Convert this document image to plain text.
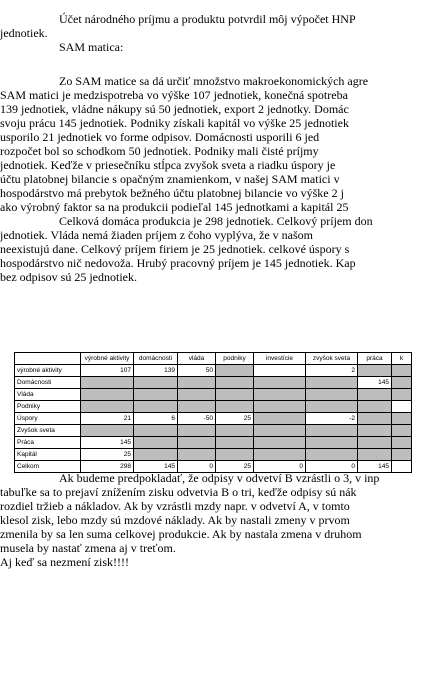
Účet národného príjmu a produktu potvrdil môj výpočet HNP
jednotiek.
SAM matica:
Zo SAM matice sa dá určiť množstvo makroekonomických agre
SAM matici je medzispotreba vo výške 107 jednotiek, konečná spotreba
139 jednotiek, vládne nákupy sú 50 jednotiek, export 2 jednotky. Domác
svoju prácu 145 jednotiek. Podniky získali kapitál vo výške 25 jednotiek
usporilo 21 jednotiek vo forme odpisov. Domácnosti usporili 6 jed
rozpočet bol so schodkom 50 jednotiek. Podniky mali čisté príjmy
jednotiek. Keďže v priesečníku stĺpca zvyšok sveta a riadku úspory je
účtu platobnej bilancie s opačným znamienkom, v našej SAM matici v
hospodárstvo má prebytok bežného účtu platobnej bilancie vo výške 2 j
ako výrobný faktor sa na produkcii podieľal 145 jednotkami a kapitál 25
Celková domáca produkcia je 298 jednotiek. Celkový príjem don
jednotiek. Vláda nemá žiaden príjem z čoho vyplýva, že v našom
neexistujú dane. Celkový príjem firiem je 25 jednotiek. celkové úspory s
hospodárstvo nič nedovoža. Hrubý pracovný príjem je 145 jednotiek. Kap
bez odpisov sú 25 jednotiek.
	výrobné aktivity	domácnosti	vláda	podniky	investície	zvyšok sveta	práca	k
výrobné aktivity	107	139	50			2		
Domácnosti							145	
Vláda								
Podniky								
Úspory	21	6	-50	25		-2		
Zvyšok sveta								
Práca	145							
Kapitál	25							
Celkom	298	145	0	25	0	0	145	
Ak budeme predpokladať, že odpisy v odvetví B vzrástli o 3, v inp
tabuľke sa to prejaví znížením zisku odvetvia B o tri, keďže odpisy sú nák
rozdiel tržieb a nákladov. Ak by vzrástli mzdy napr. v odvetví A, v tomto
klesol zisk, lebo mzdy sú mzdové náklady. Ak by nastali zmeny v prvom
zmenila by sa len suma celkovej produkcie. Ak by nastala zmena v druhom
musela by nastať zmena aj v treťom.
Aj keď sa nezmení zisk!!!!
